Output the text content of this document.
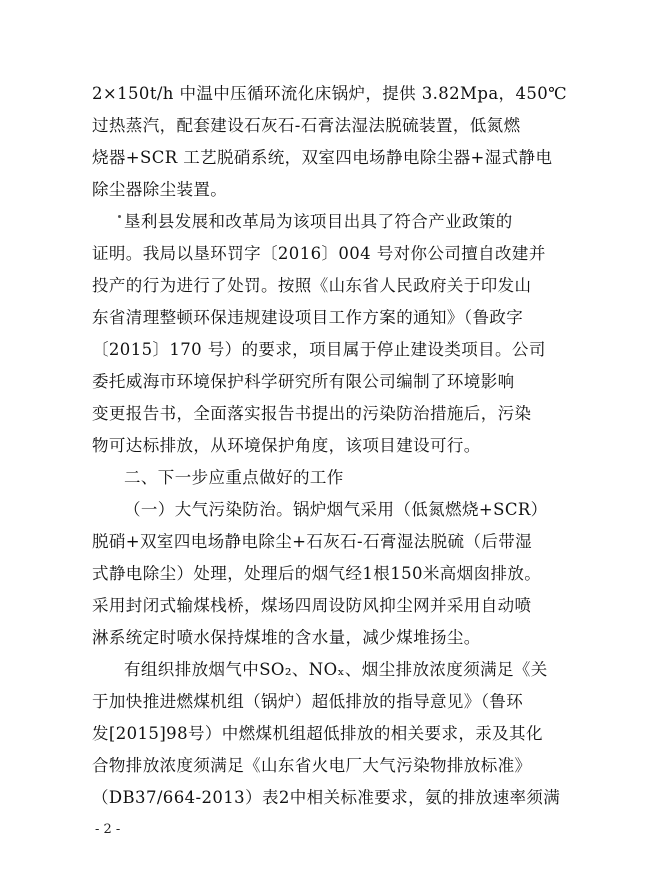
2×150t/h 中温中压循环流化床锅炉，提供 3.82Mpa，450℃
过热蒸汽，配套建设石灰石-石膏法湿法脱硫装置，低氮燃
烧器+SCR 工艺脱硝系统，双室四电场静电除尘器+湿式静电
除尘器除尘装置。
垦利县发展和改革局为该项目出具了符合产业政策的
证明。我局以垦环罚字〔2016〕004 号对你公司擅自改建并
投产的行为进行了处罚。按照《山东省人民政府关于印发山
东省清理整顿环保违规建设项目工作方案的通知》（鲁政字
〔2015〕170 号）的要求，项目属于停止建设类项目。公司
委托威海市环境保护科学研究所有限公司编制了环境影响
变更报告书，全面落实报告书提出的污染防治措施后，污染
物可达标排放，从环境保护角度，该项目建设可行。
二、下一步应重点做好的工作
（一）大气污染防治。锅炉烟气采用（低氮燃烧+SCR）
脱硝+双室四电场静电除尘+石灰石-石膏湿法脱硫（后带湿
式静电除尘）处理，处理后的烟气经1根150米高烟囱排放。
采用封闭式输煤栈桥，煤场四周设防风抑尘网并采用自动喷
淋系统定时喷水保持煤堆的含水量，减少煤堆扬尘。
有组织排放烟气中SO₂、NOₓ、烟尘排放浓度须满足《关
于加快推进燃煤机组（锅炉）超低排放的指导意见》（鲁环
发[2015]98号）中燃煤机组超低排放的相关要求，汞及其化
合物排放浓度须满足《山东省火电厂大气污染物排放标准》
（DB37/664-2013）表2中相关标准要求，氨的排放速率须满
- 2 -
